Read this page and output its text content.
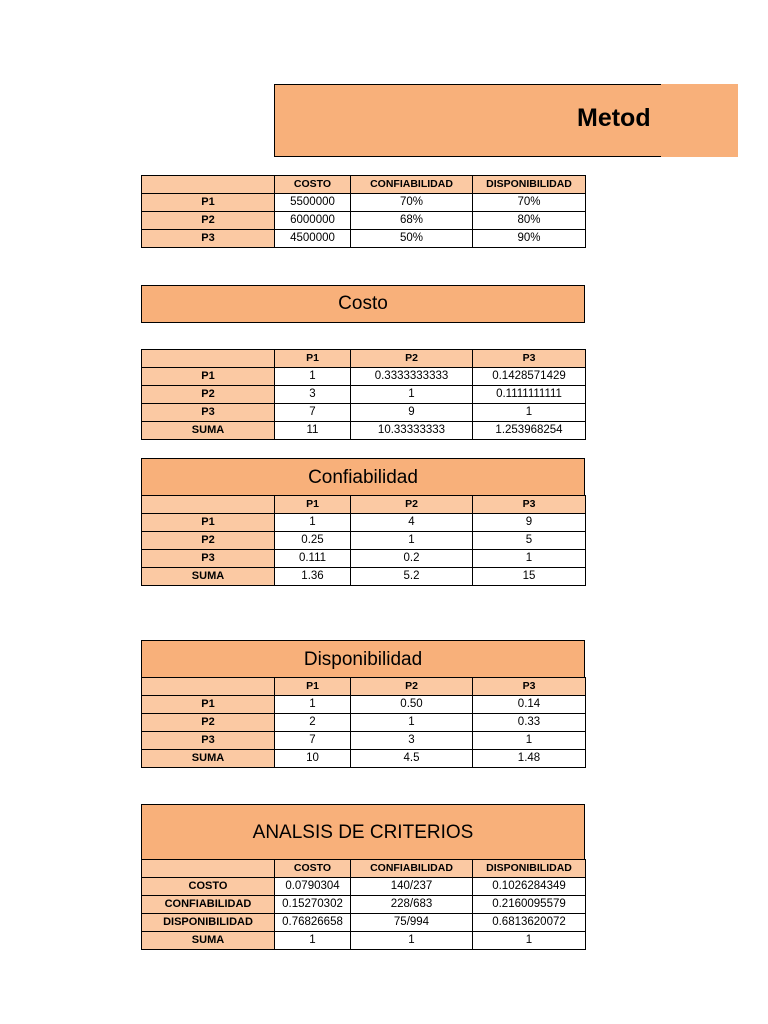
Metod
	COSTO	CONFIABILIDAD	DISPONIBILIDAD
P1	5500000	70%	70%
P2	6000000	68%	80%
P3	4500000	50%	90%
Costo
	P1	P2	P3
P1	1	0.3333333333	0.1428571429
P2	3	1	0.1111111111
P3	7	9	1
SUMA	11	10.33333333	1.253968254
Confiabilidad
	P1	P2	P3
P1	1	4	9
P2	0.25	1	5
P3	0.111	0.2	1
SUMA	1.36	5.2	15
Disponibilidad
	P1	P2	P3
P1	1	0.50	0.14
P2	2	1	0.33
P3	7	3	1
SUMA	10	4.5	1.48
ANALSIS DE CRITERIOS
	COSTO	CONFIABILIDAD	DISPONIBILIDAD
COSTO	0.0790304	140/237	0.1026284349
CONFIABILIDAD	0.15270302	228/683	0.2160095579
DISPONIBILIDAD	0.76826658	75/994	0.6813620072
SUMA	1	1	1
